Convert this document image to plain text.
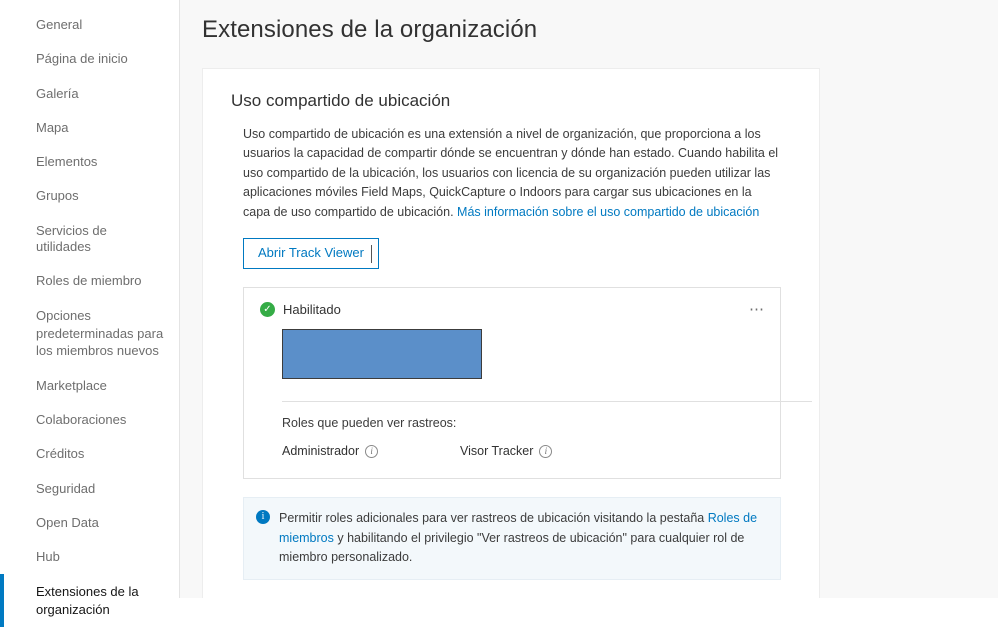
General
Página de inicio
Galería
Mapa
Elementos
Grupos
Servicios de utilidades
Roles de miembro
Opciones predeterminadas para los miembros nuevos
Marketplace
Colaboraciones
Créditos
Seguridad
Open Data
Hub
Extensiones de la organización
Extensiones de la organización
Uso compartido de ubicación

Uso compartido de ubicación es una extensión a nivel de organización, que proporciona a los usuarios la capacidad de compartir dónde se encuentran y dónde han estado. Cuando habilita el uso compartido de la ubicación, los usuarios con licencia de su organización pueden utilizar las aplicaciones móviles Field Maps, QuickCapture o Indoors para cargar sus ubicaciones en la capa de uso compartido de ubicación. Más información sobre el uso compartido de ubicación

Abrir Track Viewer
✓ Habilitado	⋯
Roles que pueden ver rastreos:
Administrador	i	Visor Tracker	i
i	Permitir roles adicionales para ver rastreos de ubicación visitando la pestaña Roles de miembros y habilitando el privilegio "Ver rastreos de ubicación" para cualquier rol de miembro personalizado.
